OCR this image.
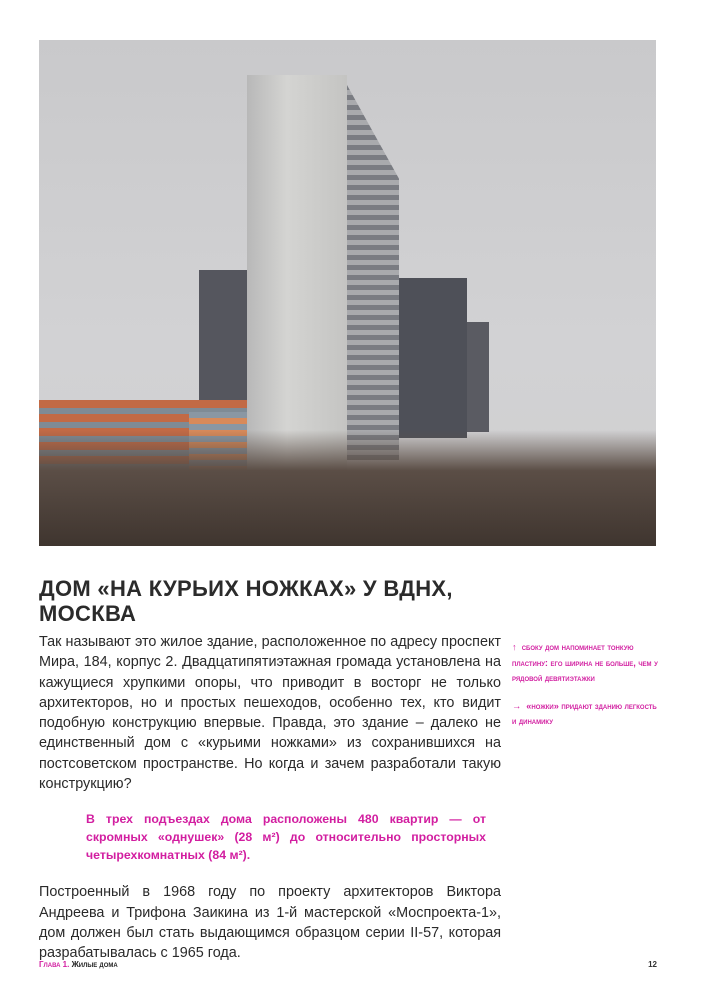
ДОМ «НА КУРЬИХ НОЖКАХ» У ВДНХ, МОСКВА

Так называют это жилое здание, расположенное по адресу проспект Мира, 184, корпус 2. Двадцатипятиэтажная громада установлена на кажущиеся хрупкими опоры, что приводит в восторг не только архитекторов, но и простых пешеходов, особенно тех, кто видит подобную конструкцию впервые. Правда, это здание – далеко не единственный дом с «курьими ножками» из сохранившихся на постсоветском пространстве. Но когда и зачем разработали такую конструкцию?

В трех подъездах дома расположены 480 квартир — от скромных «однушек» (28 м²) до относительно просторных четырехкомнатных (84 м²).

Построенный в 1968 году по проекту архитекторов Виктора Андреева и Трифона Заикина из 1-й мастерской «Моспроекта-1», дом должен был стать выдающимся образцом серии II-57, которая разрабатывалась с 1965 года.

↑ сбоку дом напоминает тонкую пластину: его ширина не больше, чем у рядовой девятиэтажки
→ «ножки» придают зданию легкость и динамику
Глава 1. Жилые дома	12
